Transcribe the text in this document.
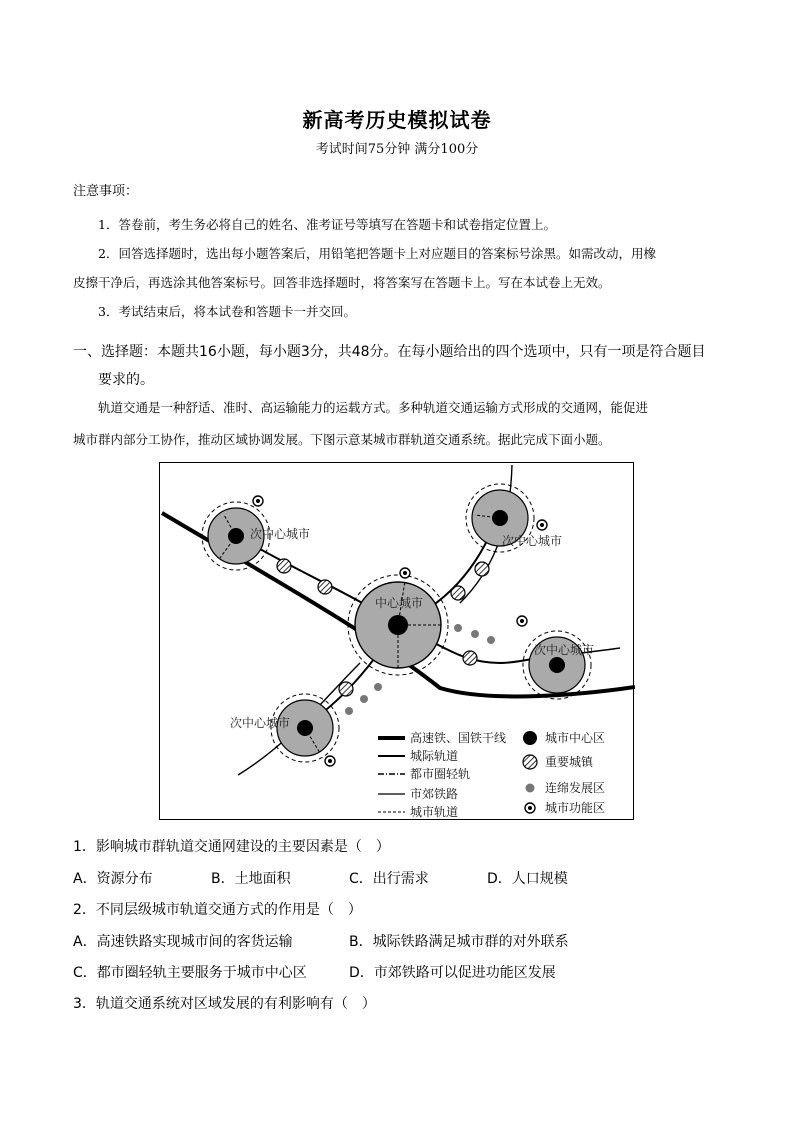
新高考历史模拟试卷
考试时间75分钟 满分100分
注意事项：
1．答卷前，考生务必将自己的姓名、准考证号等填写在答题卡和试卷指定位置上。
2．回答选择题时，选出每小题答案后，用铅笔把答题卡上对应题目的答案标号涂黑。如需改动，用橡
皮擦干净后，再选涂其他答案标号。回答非选择题时，将答案写在答题卡上。写在本试卷上无效。
3．考试结束后，将本试卷和答题卡一并交回。
一、选择题：本题共16小题，每小题3分，共48分。在每小题给出的四个选项中，只有一项是符合题目
要求的。
轨道交通是一种舒适、准时、高运输能力的运载方式。多种轨道交通运输方式形成的交通网，能促进
城市群内部分工协作，推动区域协调发展。下图示意某城市群轨道交通系统。据此完成下面小题。
次中心城市	次中心城市
中心城市
次中心城市
次中心城市
高速铁、国铁干线
城际轨道
都市圈轻轨
市郊铁路
城市轨道
城市中心区
重要城镇
连绵发展区
城市功能区
1．影响城市群轨道交通网建设的主要因素是（　）
A．资源分布	B．土地面积	C．出行需求	D．人口规模
2．不同层级城市轨道交通方式的作用是（　）
A．高速铁路实现城市间的客货运输	B．城际铁路满足城市群的对外联系
C．都市圈轻轨主要服务于城市中心区	D．市郊铁路可以促进功能区发展
3．轨道交通系统对区域发展的有利影响有（　）
